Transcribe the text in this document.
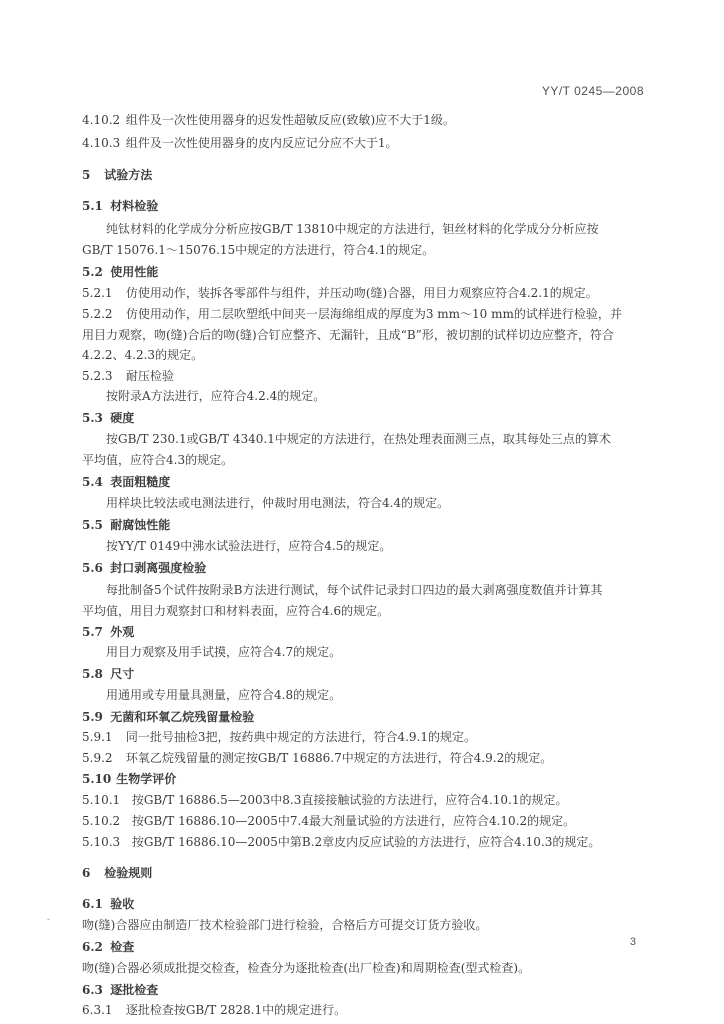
YY/T 0245—2008
4.10.2 组件及一次性使用器身的迟发性超敏反应(致敏)应不大于1级。
4.10.3 组件及一次性使用器身的皮内反应记分应不大于1。
5 试验方法
5.1 材料检验
纯钛材料的化学成分分析应按GB/T 13810中规定的方法进行，钽丝材料的化学成分分析应按
GB/T 15076.1～15076.15中规定的方法进行，符合4.1的规定。
5.2 使用性能
5.2.1 仿使用动作，装拆各零部件与组件，并压动吻(缝)合器，用目力观察应符合4.2.1的规定。
5.2.2 仿使用动作，用二层吹塑纸中间夹一层海绵组成的厚度为3 mm～10 mm的试样进行检验，并
用目力观察，吻(缝)合后的吻(缝)合钉应整齐、无漏针，且成“B”形，被切割的试样切边应整齐，符合
4.2.2、4.2.3的规定。
5.2.3 耐压检验
按附录A方法进行，应符合4.2.4的规定。
5.3 硬度
按GB/T 230.1或GB/T 4340.1中规定的方法进行，在热处理表面测三点，取其每处三点的算术
平均值，应符合4.3的规定。
5.4 表面粗糙度
用样块比较法或电测法进行，仲裁时用电测法，符合4.4的规定。
5.5 耐腐蚀性能
按YY/T 0149中沸水试验法进行，应符合4.5的规定。
5.6 封口剥离强度检验
每批制备5个试件按附录B方法进行测试，每个试件记录封口四边的最大剥离强度数值并计算其
平均值，用目力观察封口和材料表面，应符合4.6的规定。
5.7 外观
用目力观察及用手试摸，应符合4.7的规定。
5.8 尺寸
用通用或专用量具测量，应符合4.8的规定。
5.9 无菌和环氧乙烷残留量检验
5.9.1 同一批号抽检3把，按药典中规定的方法进行，符合4.9.1的规定。
5.9.2 环氧乙烷残留量的测定按GB/T 16886.7中规定的方法进行，符合4.9.2的规定。
5.10 生物学评价
5.10.1 按GB/T 16886.5—2003中8.3直接接触试验的方法进行，应符合4.10.1的规定。
5.10.2 按GB/T 16886.10—2005中7.4最大剂量试验的方法进行，应符合4.10.2的规定。
5.10.3 按GB/T 16886.10—2005中第B.2章皮内反应试验的方法进行，应符合4.10.3的规定。
6 检验规则
6.1 验收
吻(缝)合器应由制造厂技术检验部门进行检验，合格后方可提交订货方验收。
6.2 检查
吻(缝)合器必须成批提交检查，检查分为逐批检查(出厂检查)和周期检查(型式检查)。
6.3 逐批检查
6.3.1 逐批检查按GB/T 2828.1中的规定进行。
-
3
